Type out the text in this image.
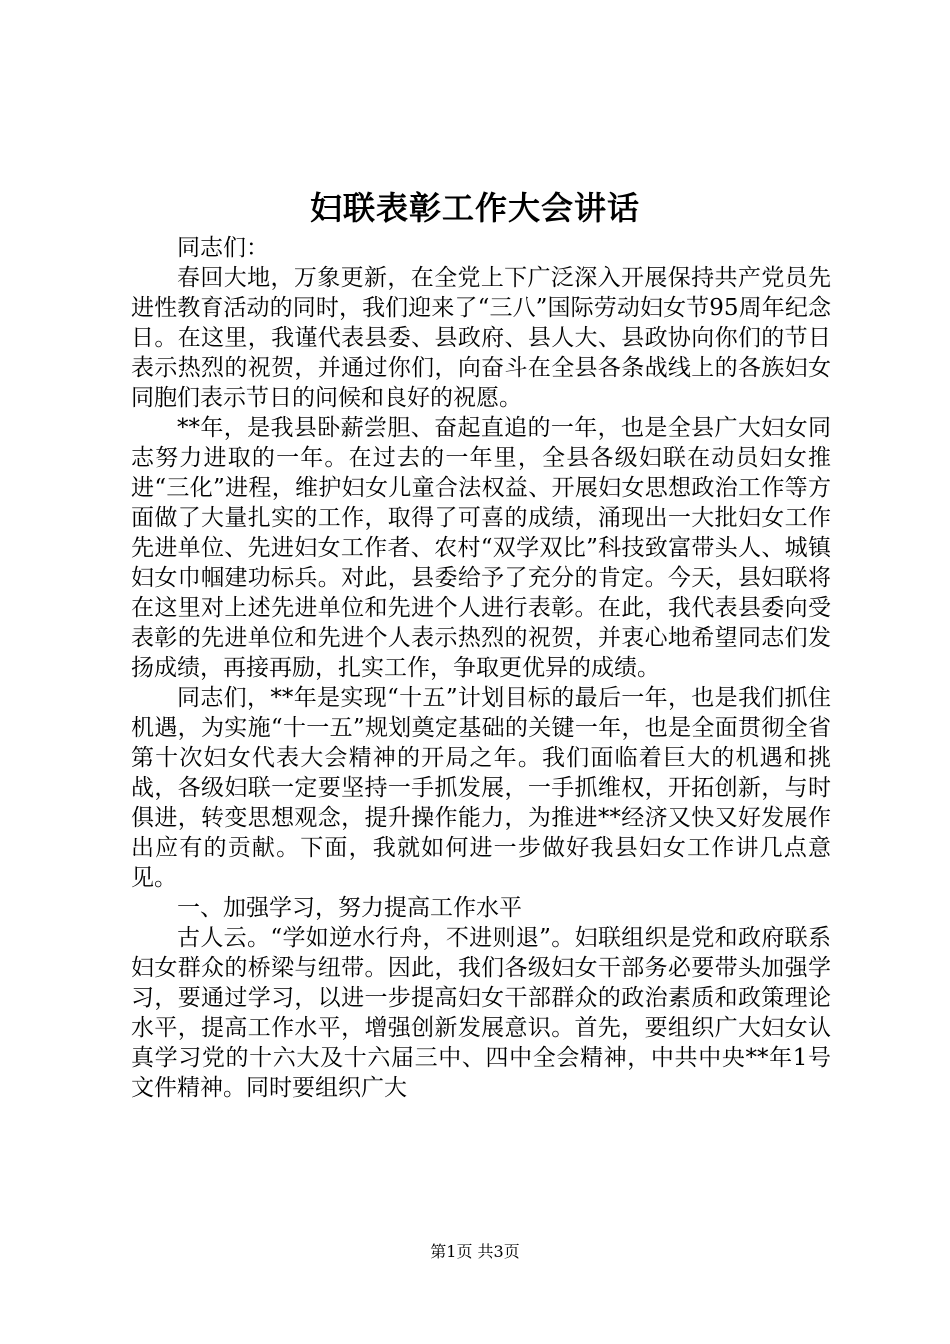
妇联表彰工作大会讲话

同志们：

春回大地，万象更新，在全党上下广泛深入开展保持共产党员先进性教育活动的同时，我们迎来了“三八”国际劳动妇女节95周年纪念日。在这里，我谨代表县委、县政府、县人大、县政协向你们的节日表示热烈的祝贺，并通过你们，向奋斗在全县各条战线上的各族妇女同胞们表示节日的问候和良好的祝愿。

**年，是我县卧薪尝胆、奋起直追的一年，也是全县广大妇女同志努力进取的一年。在过去的一年里，全县各级妇联在动员妇女推进“三化”进程，维护妇女儿童合法权益、开展妇女思想政治工作等方面做了大量扎实的工作，取得了可喜的成绩，涌现出一大批妇女工作先进单位、先进妇女工作者、农村“双学双比”科技致富带头人、城镇妇女巾帼建功标兵。对此，县委给予了充分的肯定。今天，县妇联将在这里对上述先进单位和先进个人进行表彰。在此，我代表县委向受表彰的先进单位和先进个人表示热烈的祝贺，并衷心地希望同志们发扬成绩，再接再励，扎实工作，争取更优异的成绩。

同志们，**年是实现“十五”计划目标的最后一年，也是我们抓住机遇，为实施“十一五”规划奠定基础的关键一年，也是全面贯彻全省第十次妇女代表大会精神的开局之年。我们面临着巨大的机遇和挑战，各级妇联一定要坚持一手抓发展，一手抓维权，开拓创新，与时俱进，转变思想观念，提升操作能力，为推进**经济又快又好发展作出应有的贡献。下面，我就如何进一步做好我县妇女工作讲几点意见。

一、加强学习，努力提高工作水平

古人云。“学如逆水行舟，不进则退”。妇联组织是党和政府联系妇女群众的桥梁与纽带。因此，我们各级妇女干部务必要带头加强学习，要通过学习，以进一步提高妇女干部群众的政治素质和政策理论水平，提高工作水平，增强创新发展意识。首先，要组织广大妇女认真学习党的十六大及十六届三中、四中全会精神，中共中央**年1号文件精神。同时要组织广大

第1页 共3页
